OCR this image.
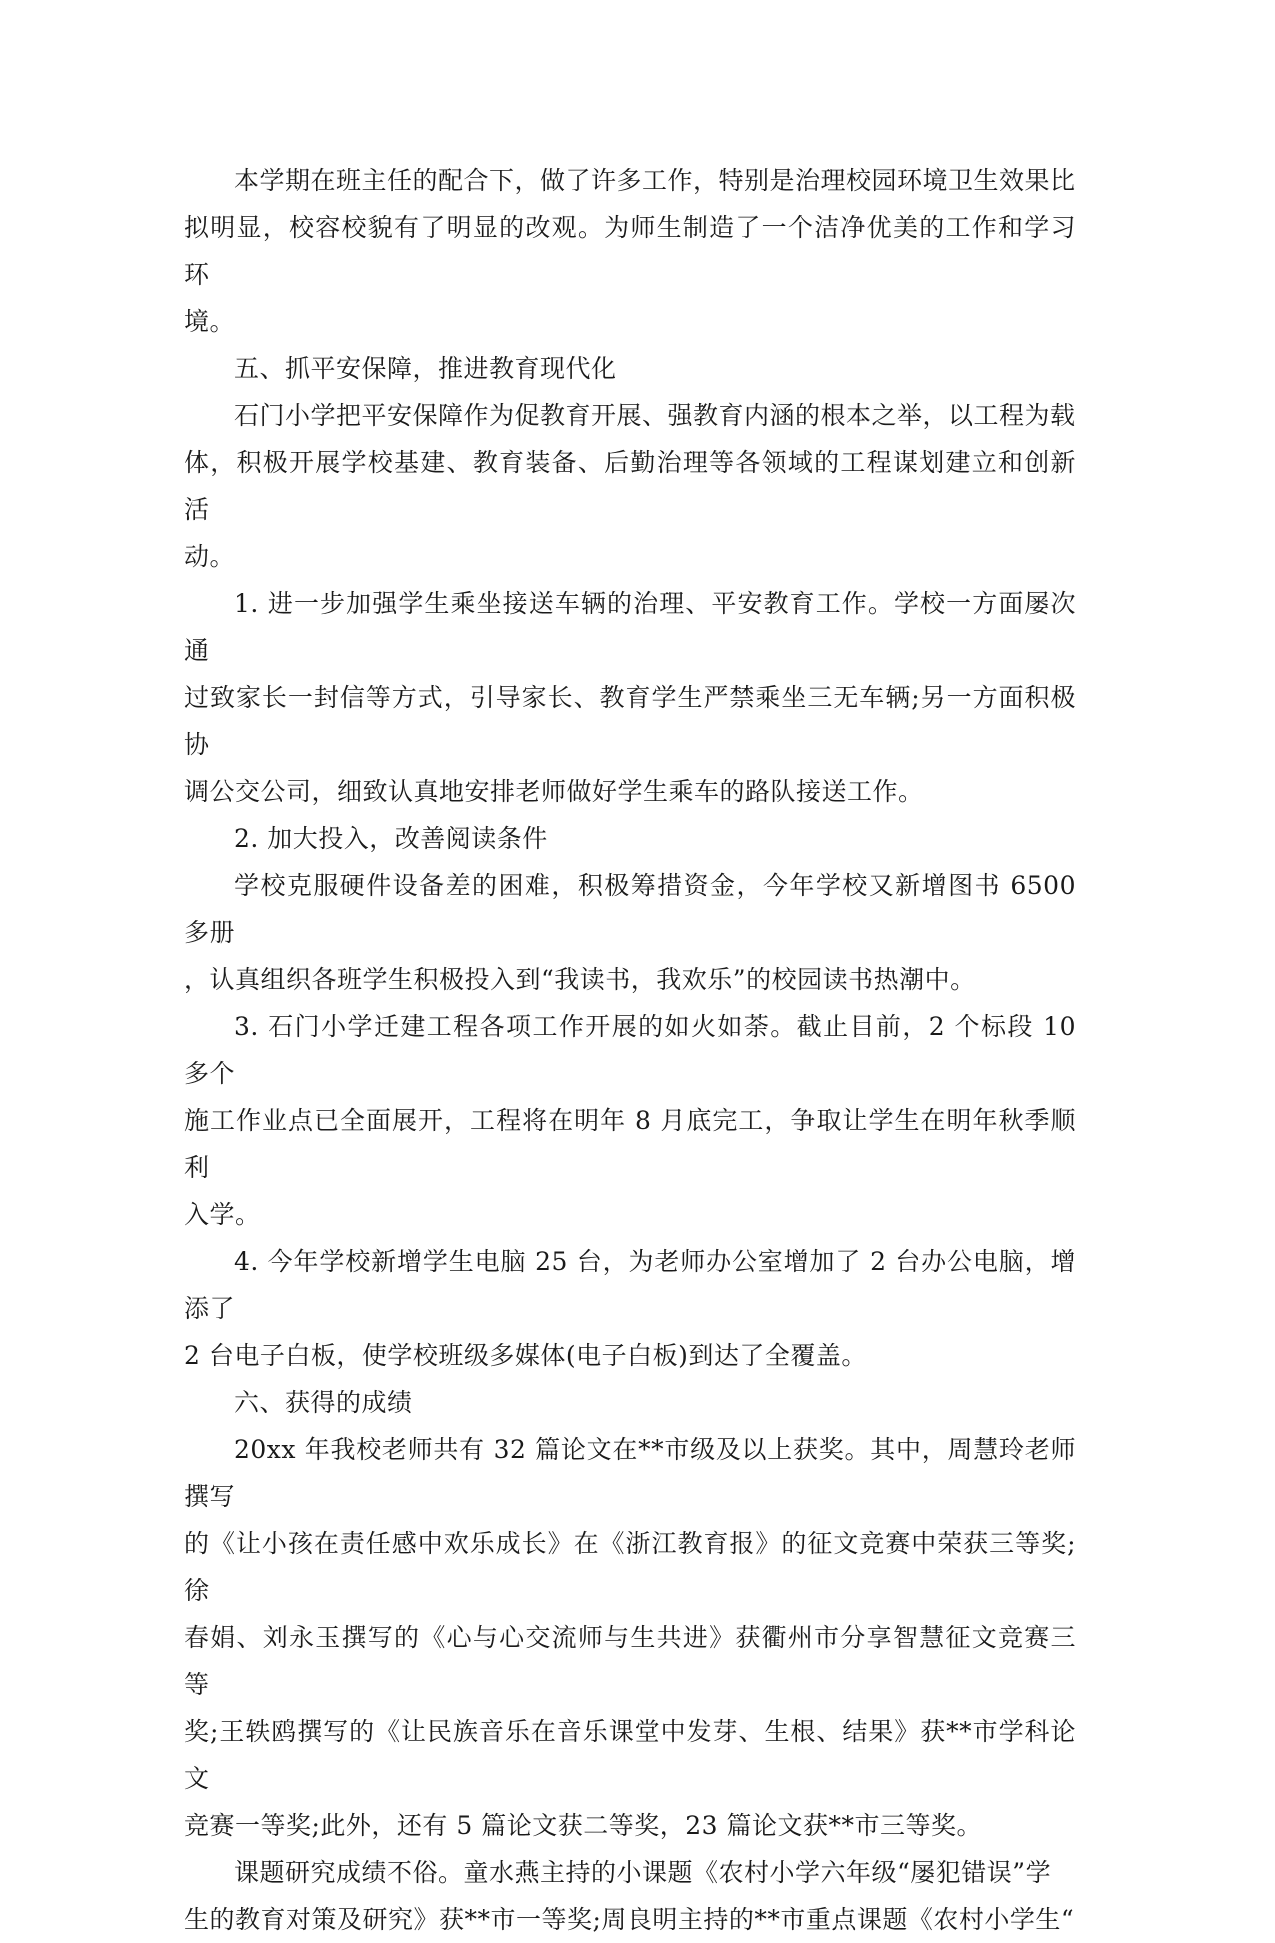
本学期在班主任的配合下，做了许多工作，特别是治理校园环境卫生效果比
拟明显，校容校貌有了明显的改观。为师生制造了一个洁净优美的工作和学习环
境。

五、抓平安保障，推进教育现代化

石门小学把平安保障作为促教育开展、强教育内涵的根本之举，以工程为载
体，积极开展学校基建、教育装备、后勤治理等各领域的工程谋划建立和创新活
动。

1. 进一步加强学生乘坐接送车辆的治理、平安教育工作。学校一方面屡次通
过致家长一封信等方式，引导家长、教育学生严禁乘坐三无车辆;另一方面积极协
调公交公司，细致认真地安排老师做好学生乘车的路队接送工作。

2. 加大投入，改善阅读条件

学校克服硬件设备差的困难，积极筹措资金，今年学校又新增图书 6500 多册
，认真组织各班学生积极投入到“我读书，我欢乐”的校园读书热潮中。

3. 石门小学迁建工程各项工作开展的如火如荼。截止目前，2 个标段 10 多个
施工作业点已全面展开，工程将在明年 8 月底完工，争取让学生在明年秋季顺利
入学。

4. 今年学校新增学生电脑 25 台，为老师办公室增加了 2 台办公电脑，增添了
2 台电子白板，使学校班级多媒体(电子白板)到达了全覆盖。

六、获得的成绩

20xx 年我校老师共有 32 篇论文在**市级及以上获奖。其中，周慧玲老师撰写
的《让小孩在责任感中欢乐成长》在《浙江教育报》的征文竞赛中荣获三等奖;徐
春娟、刘永玉撰写的《心与心交流师与生共进》获衢州市分享智慧征文竞赛三等
奖;王轶鸥撰写的《让民族音乐在音乐课堂中发芽、生根、结果》获**市学科论文
竞赛一等奖;此外，还有 5 篇论文获二等奖，23 篇论文获**市三等奖。

课题研究成绩不俗。童水燕主持的小课题《农村小学六年级“屡犯错误”学
生的教育对策及研究》获**市一等奖;周良明主持的**市重点课题《农村小学生“
